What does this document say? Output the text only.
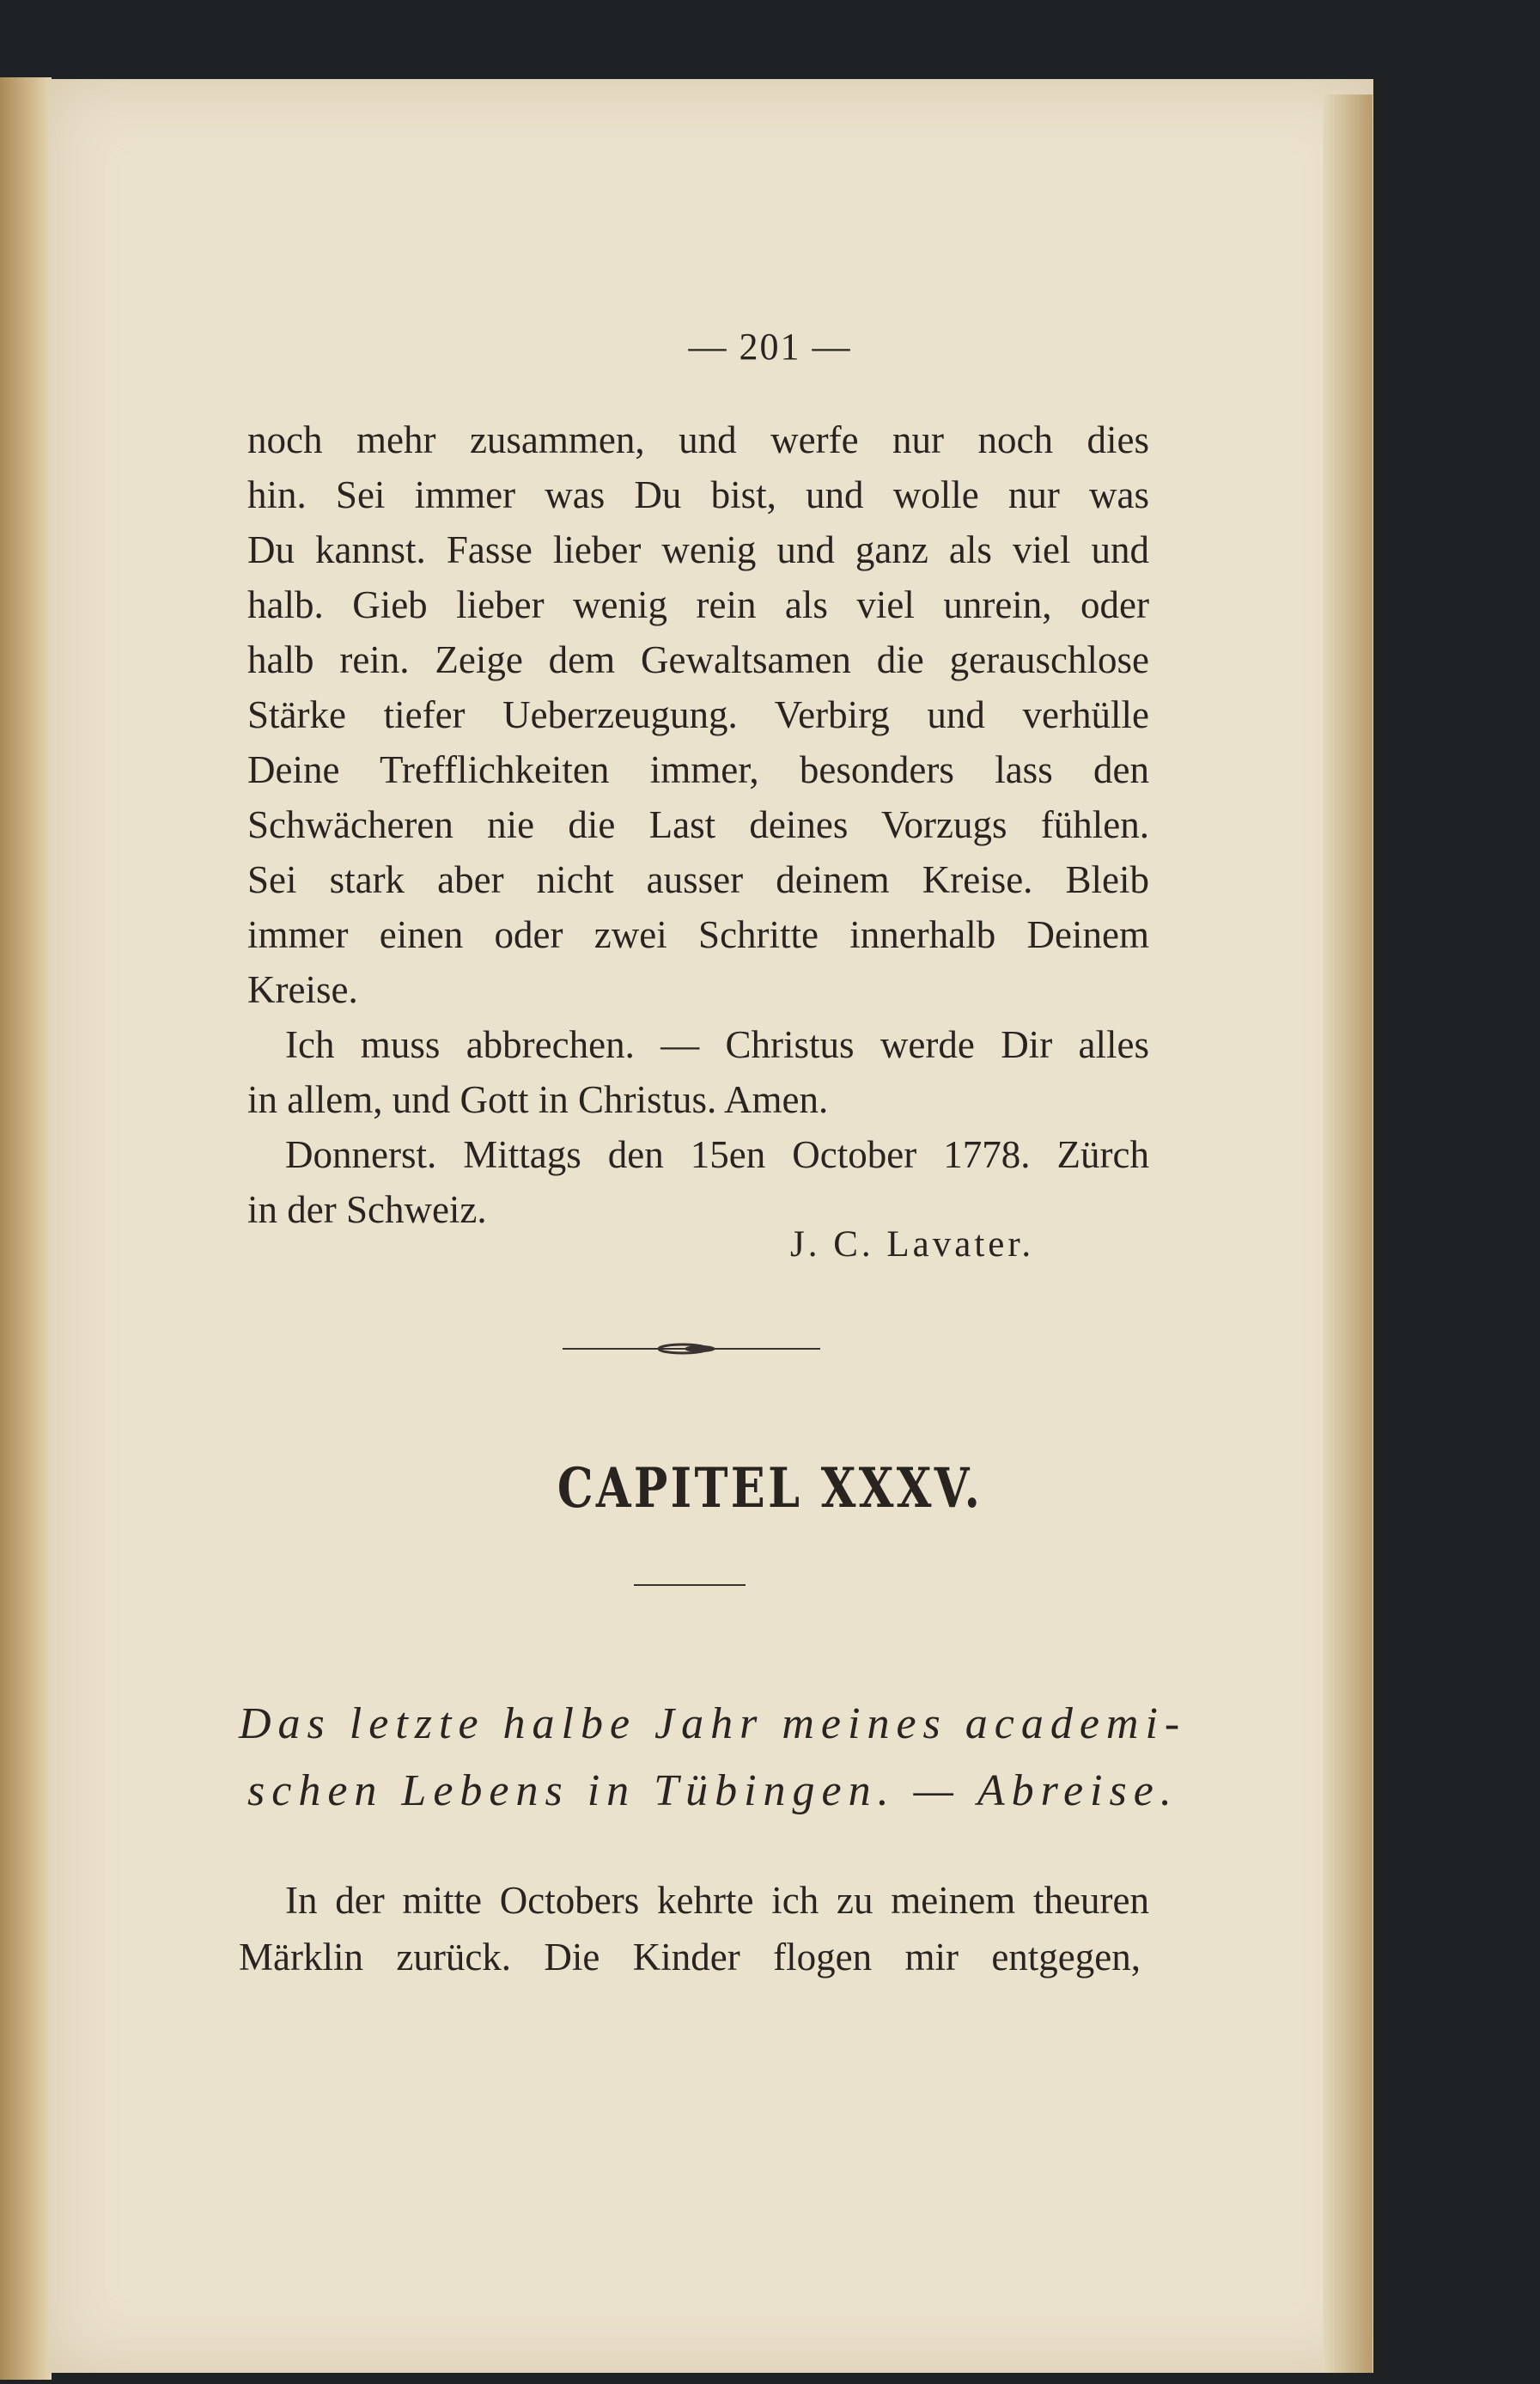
— 201 —
noch mehr zusammen, und werfe nur noch dies
hin. Sei immer was Du bist, und wolle nur was
Du kannst. Fasse lieber wenig und ganz als viel und
halb. Gieb lieber wenig rein als viel unrein, oder
halb rein. Zeige dem Gewaltsamen die gerauschlose
Stärke tiefer Ueberzeugung. Verbirg und verhülle
Deine Trefflichkeiten immer, besonders lass den
Schwächeren nie die Last deines Vorzugs fühlen.
Sei stark aber nicht ausser deinem Kreise. Bleib
immer einen oder zwei Schritte innerhalb Deinem
Kreise.
Ich muss abbrechen. — Christus werde Dir alles
in allem, und Gott in Christus. Amen.
Donnerst. Mittags den 15en October 1778. Zürch
in der Schweiz.
J. C. Lavater.
CAPITEL XXXV.
Das letzte halbe Jahr meines academi-
schen Lebens in Tübingen. — Abreise.
In der mitte Octobers kehrte ich zu meinem theuren
Märklin zurück. Die Kinder flogen mir entgegen,
